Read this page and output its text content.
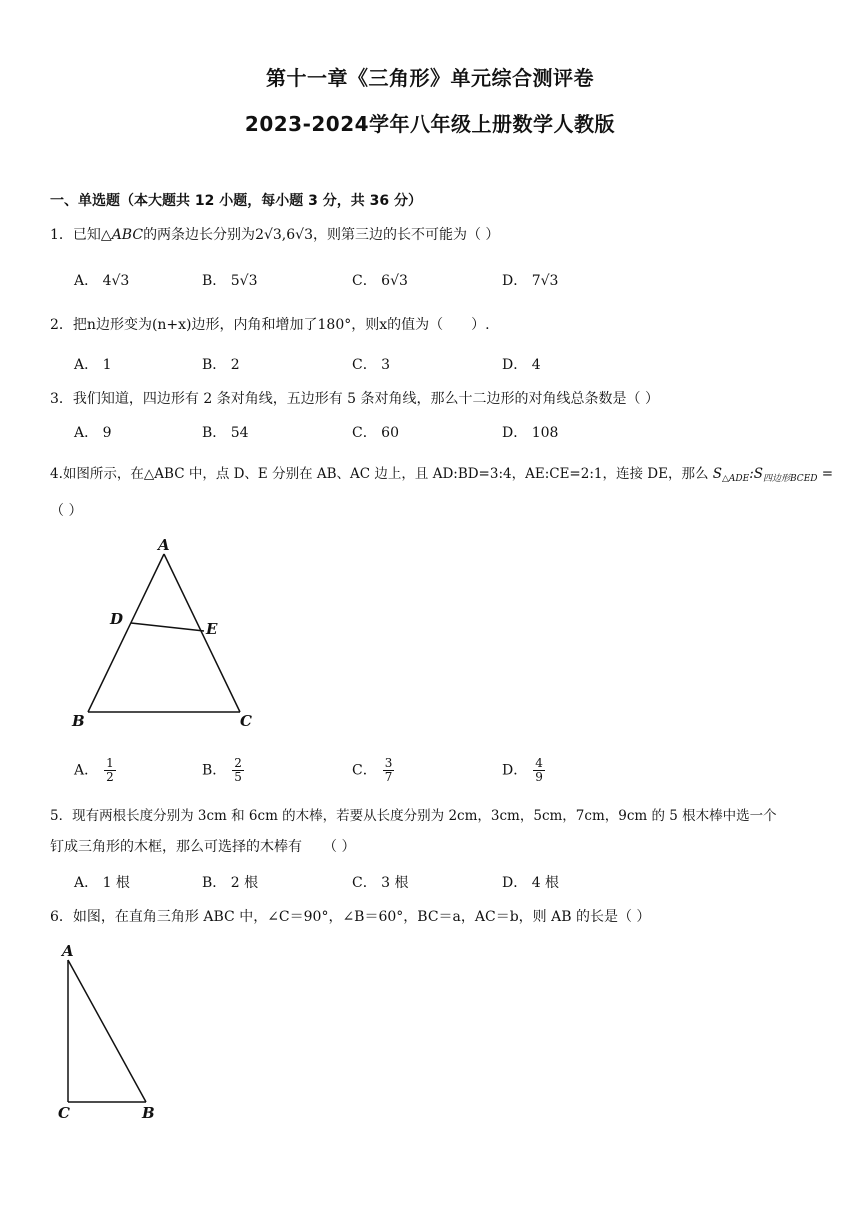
第十一章《三角形》单元综合测评卷
2023-2024学年八年级上册数学人教版
一、单选题（本大题共 12 小题，每小题 3 分，共 36 分）
1．已知△ABC的两条边长分别为2√3,6√3，则第三边的长不可能为（ ）
A． 4√3	B． 5√3	C． 6√3	D． 7√3
2．把n边形变为(n+x)边形，内角和增加了180°，则x的值为（　　）.
A． 1	B． 2	C． 3	D． 4
3．我们知道，四边形有 2 条对角线，五边形有 5 条对角线，那么十二边形的对角线总条数是（ ）
A． 9	B． 54	C． 60	D． 108
4.如图所示，在△ABC 中，点 D、E 分别在 AB、AC 边上，且 AD:BD=3:4，AE:CE=2:1，连接 DE，那么 $S_{\triangle ADE}:S_{四边形BCED}$ =
（ ）
A
D
E
B	C
A． $\frac{1}{2}$	B． $\frac{2}{5}$	C． $\frac{3}{7}$	D． $\frac{4}{9}$
5．现有两根长度分别为 3cm 和 6cm 的木棒，若要从长度分别为 2cm，3cm，5cm，7cm，9cm 的 5 根木棒中选一个
钉成三角形的木框，那么可选择的木棒有　　（ ）
A． 1 根	B． 2 根	C． 3 根	D． 4 根
6．如图，在直角三角形 ABC 中，∠C＝90°，∠B＝60°，BC＝a，AC＝b，则 AB 的长是（ ）
A
C	B
